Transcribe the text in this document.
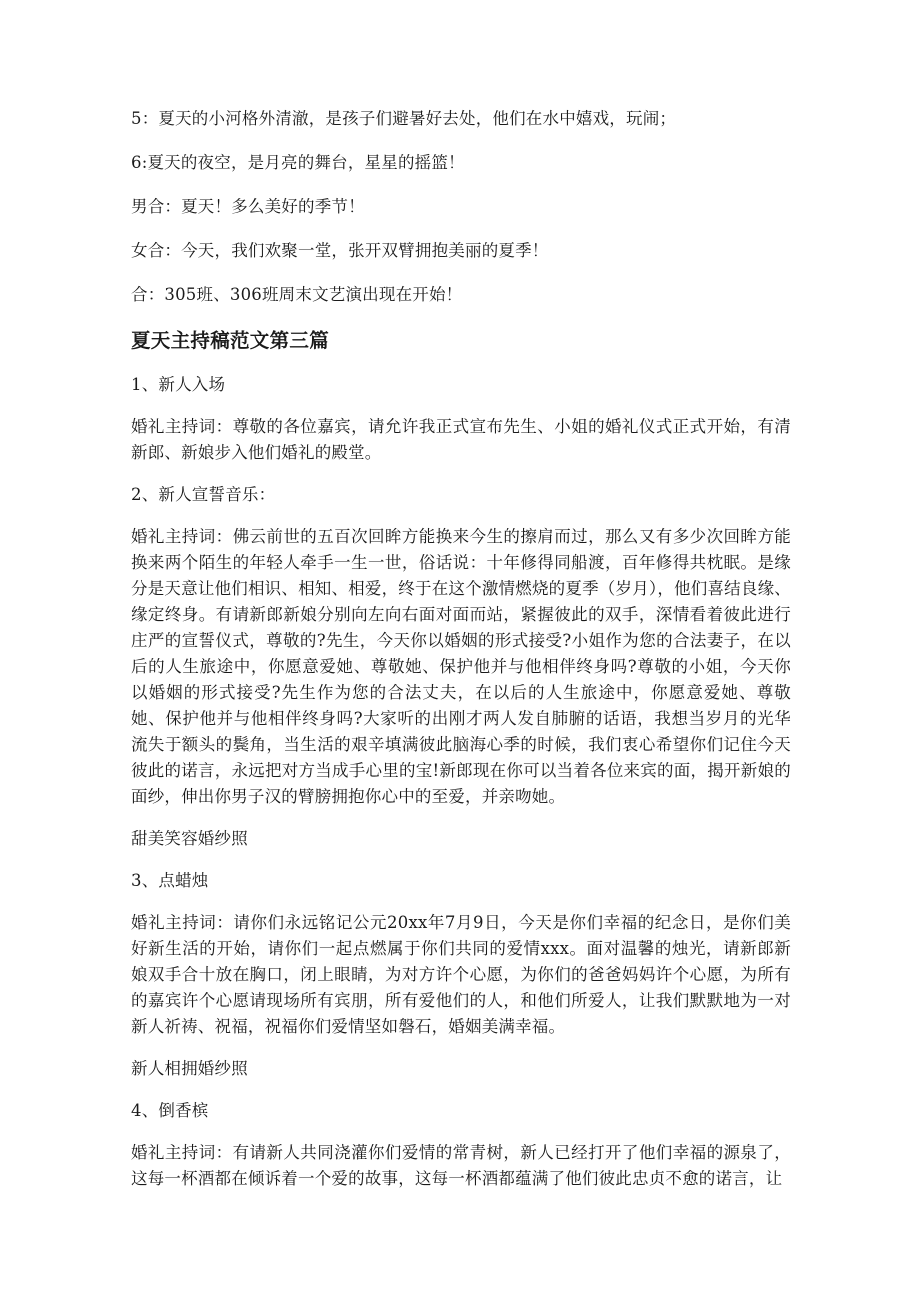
5：夏天的小河格外清澈，是孩子们避暑好去处，他们在水中嬉戏，玩闹；

6:夏天的夜空，是月亮的舞台，星星的摇篮！

男合：夏天！多么美好的季节！

女合：今天，我们欢聚一堂，张开双臂拥抱美丽的夏季！

合：305班、306班周末文艺演出现在开始！

夏天主持稿范文第三篇

1、新人入场

婚礼主持词：尊敬的各位嘉宾，请允许我正式宣布先生、小姐的婚礼仪式正式开始，有清新郎、新娘步入他们婚礼的殿堂。

2、新人宣誓音乐：

婚礼主持词：佛云前世的五百次回眸方能换来今生的擦肩而过，那么又有多少次回眸方能换来两个陌生的年轻人牵手一生一世，俗话说：十年修得同船渡，百年修得共枕眠。是缘分是天意让他们相识、相知、相爱，终于在这个激情燃烧的夏季（岁月），他们喜结良缘、缘定终身。有请新郎新娘分别向左向右面对面而站，紧握彼此的双手，深情看着彼此进行庄严的宣誓仪式，尊敬的?先生，今天你以婚姻的形式接受?小姐作为您的合法妻子，在以后的人生旅途中，你愿意爱她、尊敬她、保护他并与他相伴终身吗?尊敬的小姐，今天你以婚姻的形式接受?先生作为您的合法丈夫，在以后的人生旅途中，你愿意爱她、尊敬她、保护他并与他相伴终身吗?大家听的出刚才两人发自肺腑的话语，我想当岁月的光华流失于额头的鬓角，当生活的艰辛填满彼此脑海心季的时候，我们衷心希望你们记住今天彼此的诺言，永远把对方当成手心里的宝!新郎现在你可以当着各位来宾的面，揭开新娘的面纱，伸出你男子汉的臂膀拥抱你心中的至爱，并亲吻她。

甜美笑容婚纱照

3、点蜡烛

婚礼主持词：请你们永远铭记公元20xx年7月9日，今天是你们幸福的纪念日，是你们美好新生活的开始，请你们一起点燃属于你们共同的爱情xxx。面对温馨的烛光，请新郎新娘双手合十放在胸口，闭上眼睛，为对方许个心愿，为你们的爸爸妈妈许个心愿，为所有的嘉宾许个心愿请现场所有宾朋，所有爱他们的人，和他们所爱人，让我们默默地为一对新人祈祷、祝福，祝福你们爱情坚如磐石，婚姻美满幸福。

新人相拥婚纱照

4、倒香槟

婚礼主持词：有请新人共同浇灌你们爱情的常青树，新人已经打开了他们幸福的源泉了，这每一杯酒都在倾诉着一个爱的故事，这每一杯酒都蕴满了他们彼此忠贞不愈的诺言，让
